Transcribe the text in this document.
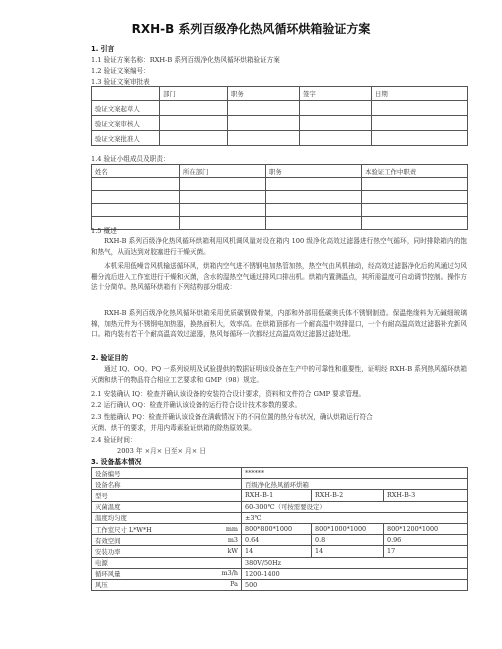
RXH-B 系列百级净化热风循环烘箱验证方案
1. 引言
1.1 验证方案名称：RXH-B 系列百级净化热风循环烘箱验证方案
1.2 验证文案编号：
1.3 验证文案审批表
	部门	职务	签字	日期
验证文案起草人				
验证文案审核人				
验证文案批准人				
1.4 验证小组成员及职责：
姓名	所在部门	职务	本验证工作中职责

1.5 概述
RXH-B 系列百级净化热风循环烘箱利用风机调风量对设在箱内 100 级净化高效过滤器进行热空气循环，同时排除箱内的饱和热气，从而达到对胶塞进行干燥灭菌。
本机采用低噪音风机输送循环风，烘箱内空气进不锈钢电加热管加热，热空气由风机抽动，经高效过滤器净化后的风通过匀风栅分流后进入工作室进行干燥和灭菌，含水的湿热空气通过排风口排出机。烘箱内置测温点，其所需温度可自动调节控制。操作方法十分简单。热风循环烘箱有下列结构部分组成：
RXH-B 系列百级净化热风循环烘箱采用优质碳钢做骨架，内部和外部用低碳奥氏体不锈钢制造。保温绝缘料为无碱细玻璃棉，加热元件为不锈钢电加热器，换热面积大，效率高。在烘箱顶部有一个耐高温中效排湿口，一个有耐高温高效过滤器补充新风口。箱内装有若干个耐高温高效过滤器，热风每循环一次都经过高温高效过滤器过滤处理。
2. 验证目的
通过 IQ、OQ、PQ 一系列说明及试验提供的数据证明该设备在生产中的可靠性和重要性，证明经 RXH-B 系列热风循环烘箱灭菌和烘干的物品符合相应工艺要求和 GMP（98）规定。
2.1 安装确认 IQ：检查并确认该设备的安装符合设计要求，资料和文件符合 GMP 要求管理。
2.2 运行确认 OQ：检查并确认该设备的运行符合设计技术参数的要求。
2.3 性能确认 PQ：检查并确认该设备在满载情况下的不同位置的热分布状况，确认烘箱运行符合
灭菌、烘干的要求，并用内毒素验证烘箱的除热原效果。
2.4 验证时间：
2003 年 ×月× 日至× 月× 日
3. 设备基本情况
设备编号	******		
设备名称	百级净化热风循环烘箱		
型号	RXH-B-1	RXH-B-2	RXH-B-3
灭菌温度	60-300℃（可按需要设定）		
温度均匀度	±3℃		
工作室尺寸 L*W*H mm	800*800*1000	800*1000*1000	800*1200*1000
有效空间 m3	0.64	0.8	0.96
安装功率 kW	14	14	17
电源	380V/50Hz		
循环风量 m3/h	1200-1400		
风压 Pa	500		
